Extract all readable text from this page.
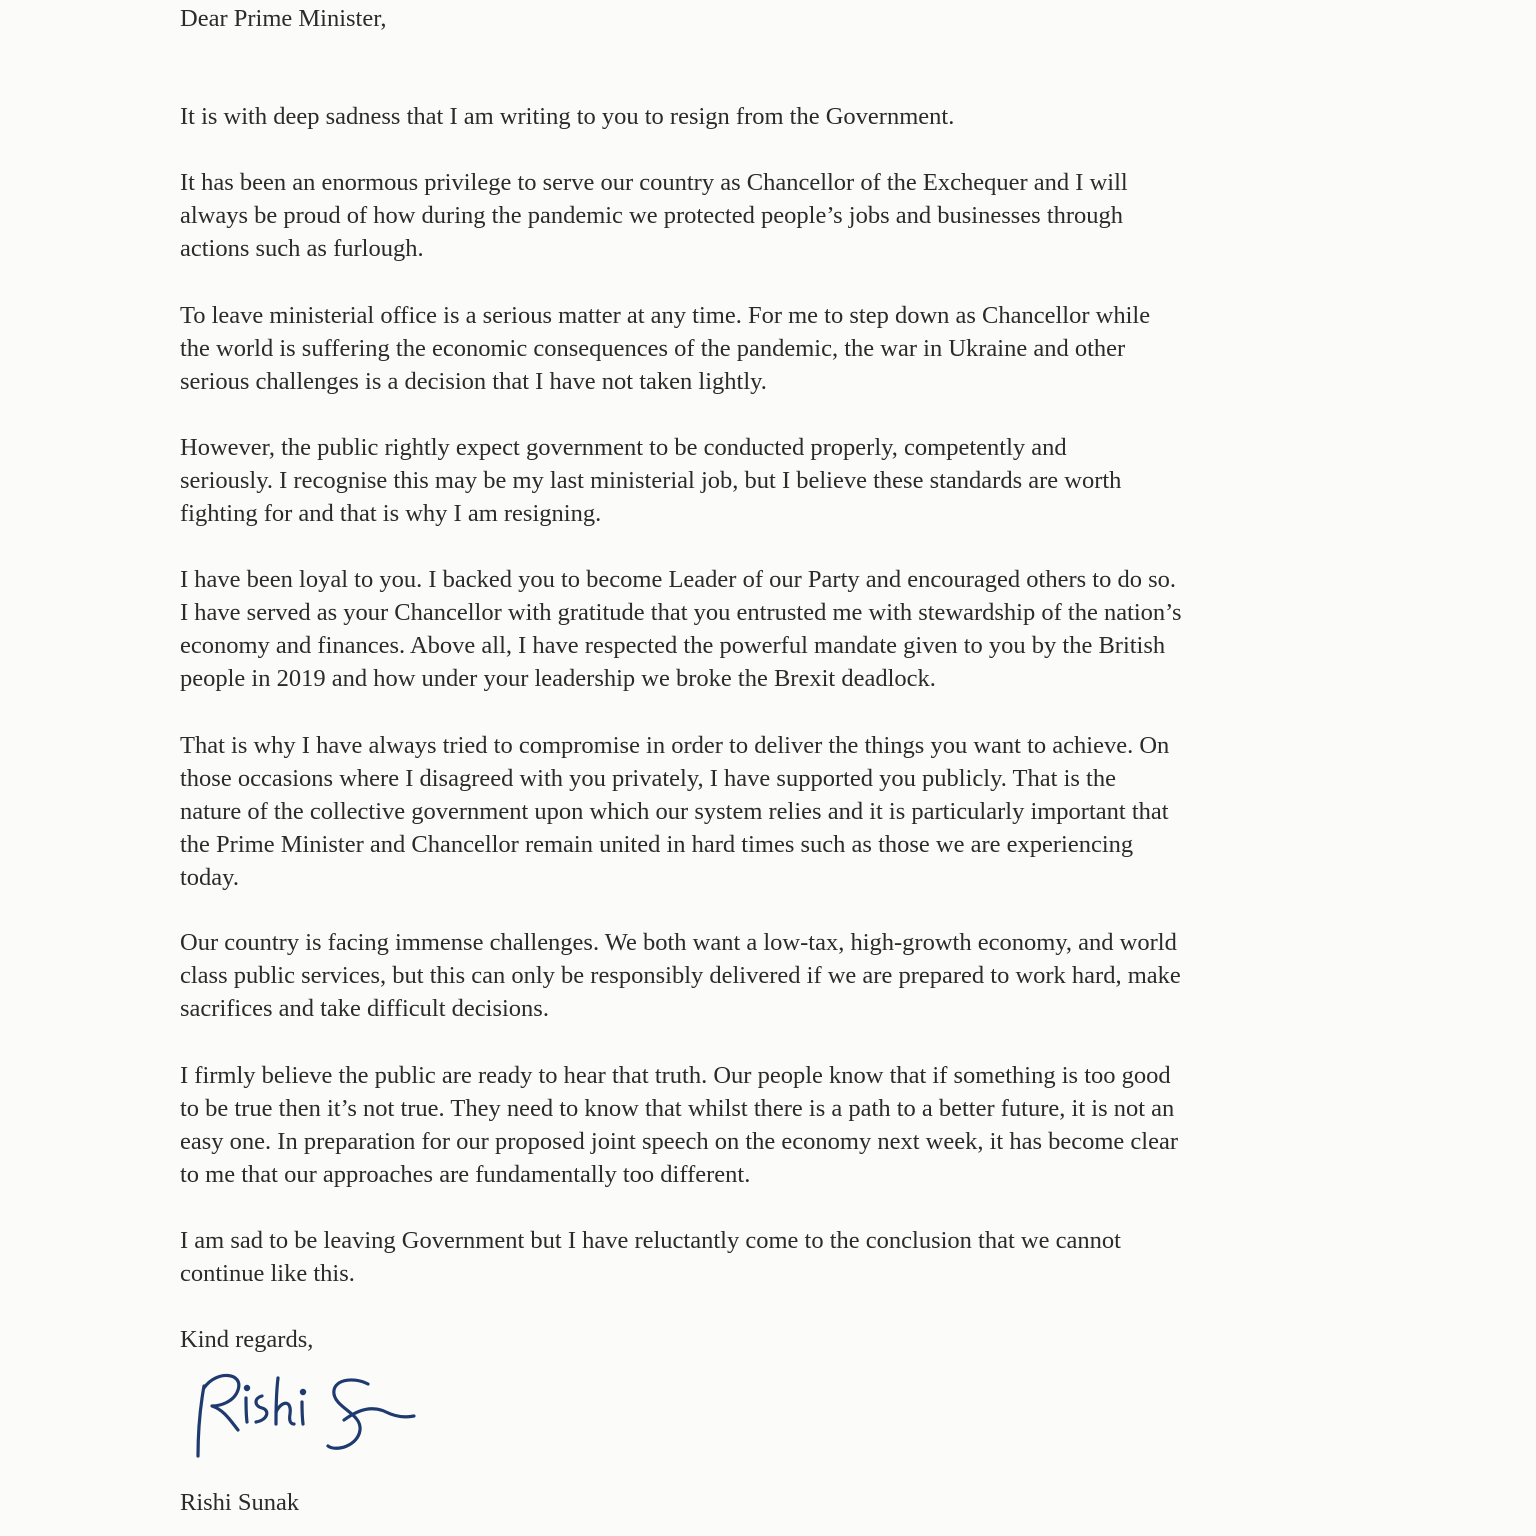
Dear Prime Minister,
It is with deep sadness that I am writing to you to resign from the Government.
It has been an enormous privilege to serve our country as Chancellor of the Exchequer and I will
always be proud of how during the pandemic we protected people’s jobs and businesses through
actions such as furlough.
To leave ministerial office is a serious matter at any time. For me to step down as Chancellor while
the world is suffering the economic consequences of the pandemic, the war in Ukraine and other
serious challenges is a decision that I have not taken lightly.
However, the public rightly expect government to be conducted properly, competently and
seriously. I recognise this may be my last ministerial job, but I believe these standards are worth
fighting for and that is why I am resigning.
I have been loyal to you. I backed you to become Leader of our Party and encouraged others to do so.
I have served as your Chancellor with gratitude that you entrusted me with stewardship of the nation’s
economy and finances. Above all, I have respected the powerful mandate given to you by the British
people in 2019 and how under your leadership we broke the Brexit deadlock.
That is why I have always tried to compromise in order to deliver the things you want to achieve. On
those occasions where I disagreed with you privately, I have supported you publicly. That is the
nature of the collective government upon which our system relies and it is particularly important that
the Prime Minister and Chancellor remain united in hard times such as those we are experiencing
today.
Our country is facing immense challenges. We both want a low-tax, high-growth economy, and world
class public services, but this can only be responsibly delivered if we are prepared to work hard, make
sacrifices and take difficult decisions.
I firmly believe the public are ready to hear that truth. Our people know that if something is too good
to be true then it’s not true. They need to know that whilst there is a path to a better future, it is not an
easy one. In preparation for our proposed joint speech on the economy next week, it has become clear
to me that our approaches are fundamentally too different.
I am sad to be leaving Government but I have reluctantly come to the conclusion that we cannot
continue like this.
Kind regards,
Rishi Sunak
